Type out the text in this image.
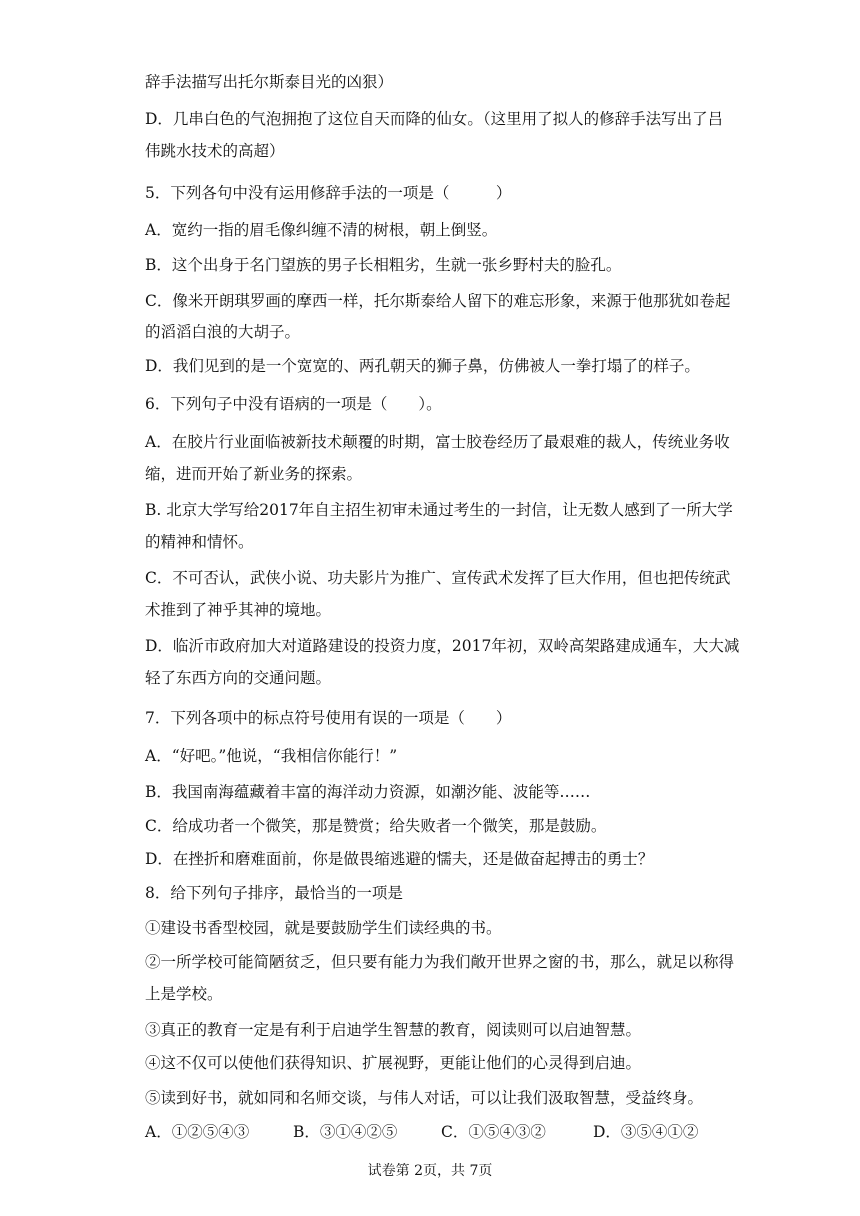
辞手法描写出托尔斯泰目光的凶狠）
D．几串白色的气泡拥抱了这位自天而降的仙女。（这里用了拟人的修辞手法写出了吕
伟跳水技术的高超）
5．下列各句中没有运用修辞手法的一项是（　　　）
A．宽约一指的眉毛像纠缠不清的树根，朝上倒竖。
B．这个出身于名门望族的男子长相粗劣，生就一张乡野村夫的脸孔。
C．像米开朗琪罗画的摩西一样，托尔斯泰给人留下的难忘形象，来源于他那犹如卷起
的滔滔白浪的大胡子。
D．我们见到的是一个宽宽的、两孔朝天的狮子鼻，仿佛被人一拳打塌了的样子。
6．下列句子中没有语病的一项是（　　）。
A．在胶片行业面临被新技术颠覆的时期，富士胶卷经历了最艰难的裁人，传统业务收
缩，进而开始了新业务的探索。
B. 北京大学写给2017年自主招生初审未通过考生的一封信，让无数人感到了一所大学
的精神和情怀。
C．不可否认，武侠小说、功夫影片为推广、宣传武术发挥了巨大作用，但也把传统武
术推到了神乎其神的境地。
D．临沂市政府加大对道路建设的投资力度，2017年初，双岭高架路建成通车，大大减
轻了东西方向的交通问题。
7．下列各项中的标点符号使用有误的一项是（　　）
A．“好吧。”他说，“我相信你能行！”
B．我国南海蕴藏着丰富的海洋动力资源，如潮汐能、波能等……
C．给成功者一个微笑，那是赞赏；给失败者一个微笑，那是鼓励。
D．在挫折和磨难面前，你是做畏缩逃避的懦夫，还是做奋起搏击的勇士？
8．给下列句子排序，最恰当的一项是
①建设书香型校园，就是要鼓励学生们读经典的书。
②一所学校可能简陋贫乏，但只要有能力为我们敞开世界之窗的书，那么，就足以称得
上是学校。
③真正的教育一定是有利于启迪学生智慧的教育，阅读则可以启迪智慧。
④这不仅可以使他们获得知识、扩展视野，更能让他们的心灵得到启迪。
⑤读到好书，就如同和名师交谈，与伟人对话，可以让我们汲取智慧，受益终身。
A．①②⑤④③	B．③①④②⑤	C．①⑤④③②	D．③⑤④①②
试卷第 2页，共 7页
